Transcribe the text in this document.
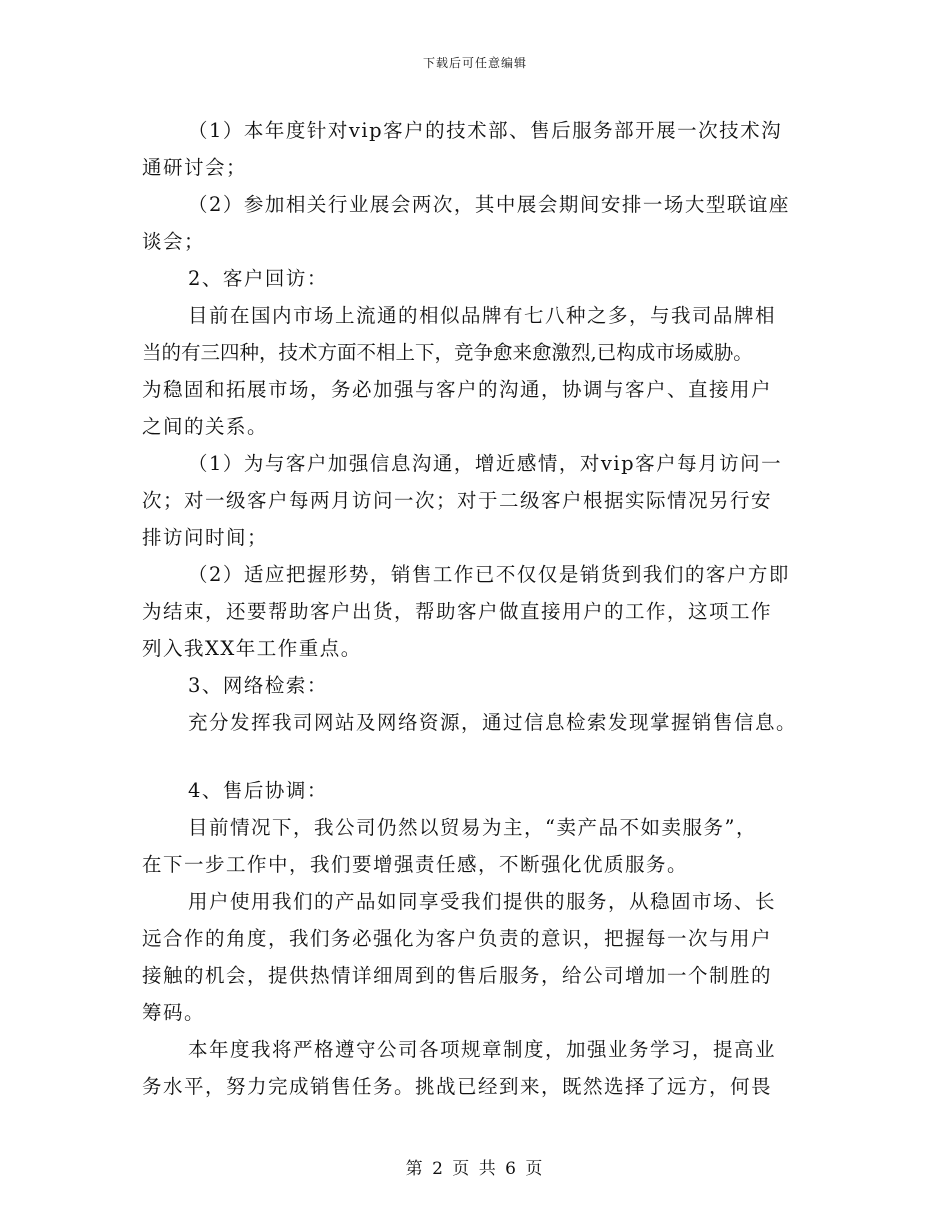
下载后可任意编辑
（1）本年度针对vip客户的技术部、售后服务部开展一次技术沟
通研讨会；
（2）参加相关行业展会两次，其中展会期间安排一场大型联谊座
谈会；
2、客户回访：
目前在国内市场上流通的相似品牌有七八种之多，与我司品牌相
当的有三四种，技术方面不相上下，竞争愈来愈激烈,已构成市场威胁。
为稳固和拓展市场，务必加强与客户的沟通，协调与客户、直接用户
之间的关系。
（1）为与客户加强信息沟通，增近感情，对vip客户每月访问一
次；对一级客户每两月访问一次；对于二级客户根据实际情况另行安
排访问时间；
（2）适应把握形势，销售工作已不仅仅是销货到我们的客户方即
为结束，还要帮助客户出货，帮助客户做直接用户的工作，这项工作
列入我XX年工作重点。
3、网络检索：
充分发挥我司网站及网络资源，通过信息检索发现掌握销售信息。
4、售后协调：
目前情况下，我公司仍然以贸易为主，“卖产品不如卖服务”，
在下一步工作中，我们要增强责任感，不断强化优质服务。
用户使用我们的产品如同享受我们提供的服务，从稳固市场、长
远合作的角度，我们务必强化为客户负责的意识，把握每一次与用户
接触的机会，提供热情详细周到的售后服务，给公司增加一个制胜的
筹码。
本年度我将严格遵守公司各项规章制度，加强业务学习，提高业
务水平，努力完成销售任务。挑战已经到来，既然选择了远方，何畏
第 2 页 共 6 页
